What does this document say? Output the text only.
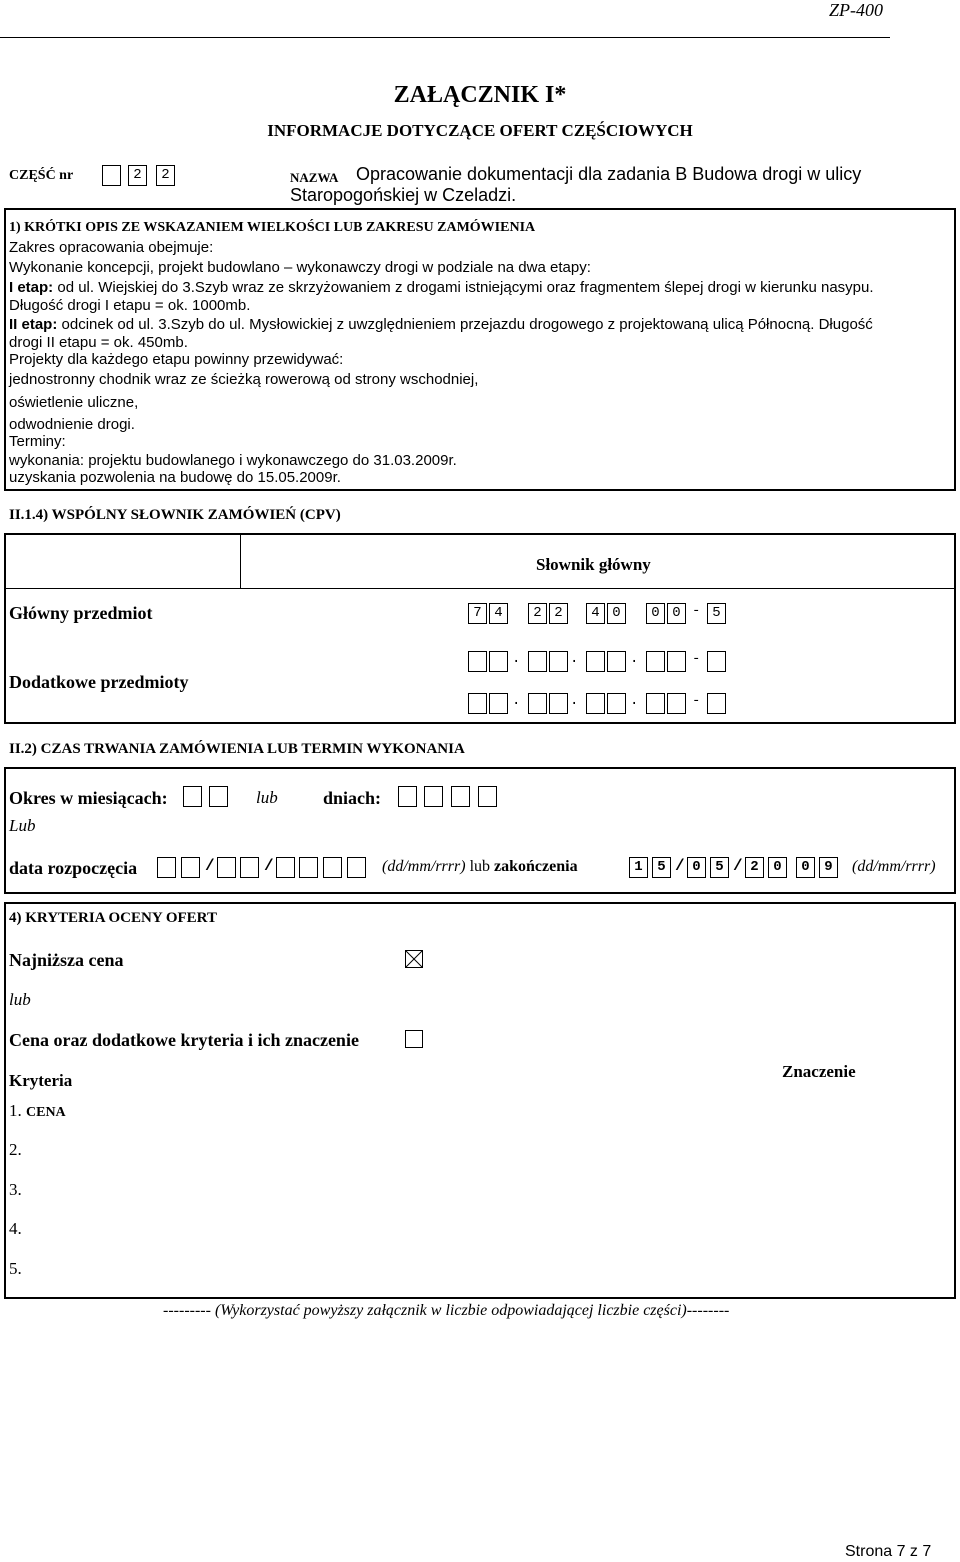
ZP-400
ZAŁĄCZNIK I*
INFORMACJE DOTYCZĄCE OFERT CZĘŚCIOWYCH
CZĘŚĆ nr	2	2	NAZWA Opracowanie dokumentacji dla zadania B Budowa drogi w ulicy
Staropogońskiej w Czeladzi.
1) KRÓTKI OPIS ZE WSKAZANIEM WIELKOŚCI LUB ZAKRESU ZAMÓWIENIA
Zakres opracowania obejmuje:
Wykonanie koncepcji, projekt budowlano – wykonawczy drogi w podziale na dwa etapy:
I etap: od ul. Wiejskiej do 3.Szyb wraz ze skrzyżowaniem z drogami istniejącymi oraz fragmentem ślepej drogi w kierunku nasypu.
Długość drogi I etapu = ok. 1000mb.
II etap: odcinek od ul. 3.Szyb do ul. Mysłowickiej z uwzględnieniem przejazdu drogowego z projektowaną ulicą Północną. Długość
drogi II etapu = ok. 450mb.
Projekty dla każdego etapu powinny przewidywać:
jednostronny chodnik wraz ze ścieżką rowerową od strony wschodniej,
oświetlenie uliczne,
odwodnienie drogi.
Terminy:
wykonania: projektu budowlanego i wykonawczego do 31.03.2009r.
uzyskania pozwolenia na budowę do 15.05.2009r.
II.1.4) WSPÓLNY SŁOWNIK ZAMÓWIEŃ (CPV)
Słownik główny
Główny przedmiot	7 4	2 2	4 0	0 0 - 5
Dodatkowe przedmioty
.	.	.	-
.	.	.	-
II.2) CZAS TRWANIA ZAMÓWIENIA LUB TERMIN WYKONANIA
Okres w miesiącach:	lub	dniach:
Lub
data rozpoczęcia	/	/	(dd/mm/rrrr) lub zakończenia	1	5 / 0	5 / 2	0	0	9	(dd/mm/rrrr)
4) KRYTERIA OCENY OFERT
Najniższa cena
lub
Cena oraz dodatkowe kryteria i ich znaczenie
Kryteria	Znaczenie
1. CENA
2.
3.
4.
5.
--------- (Wykorzystać powyższy załącznik w liczbie odpowiadającej liczbie części)--------
Strona 7 z 7
